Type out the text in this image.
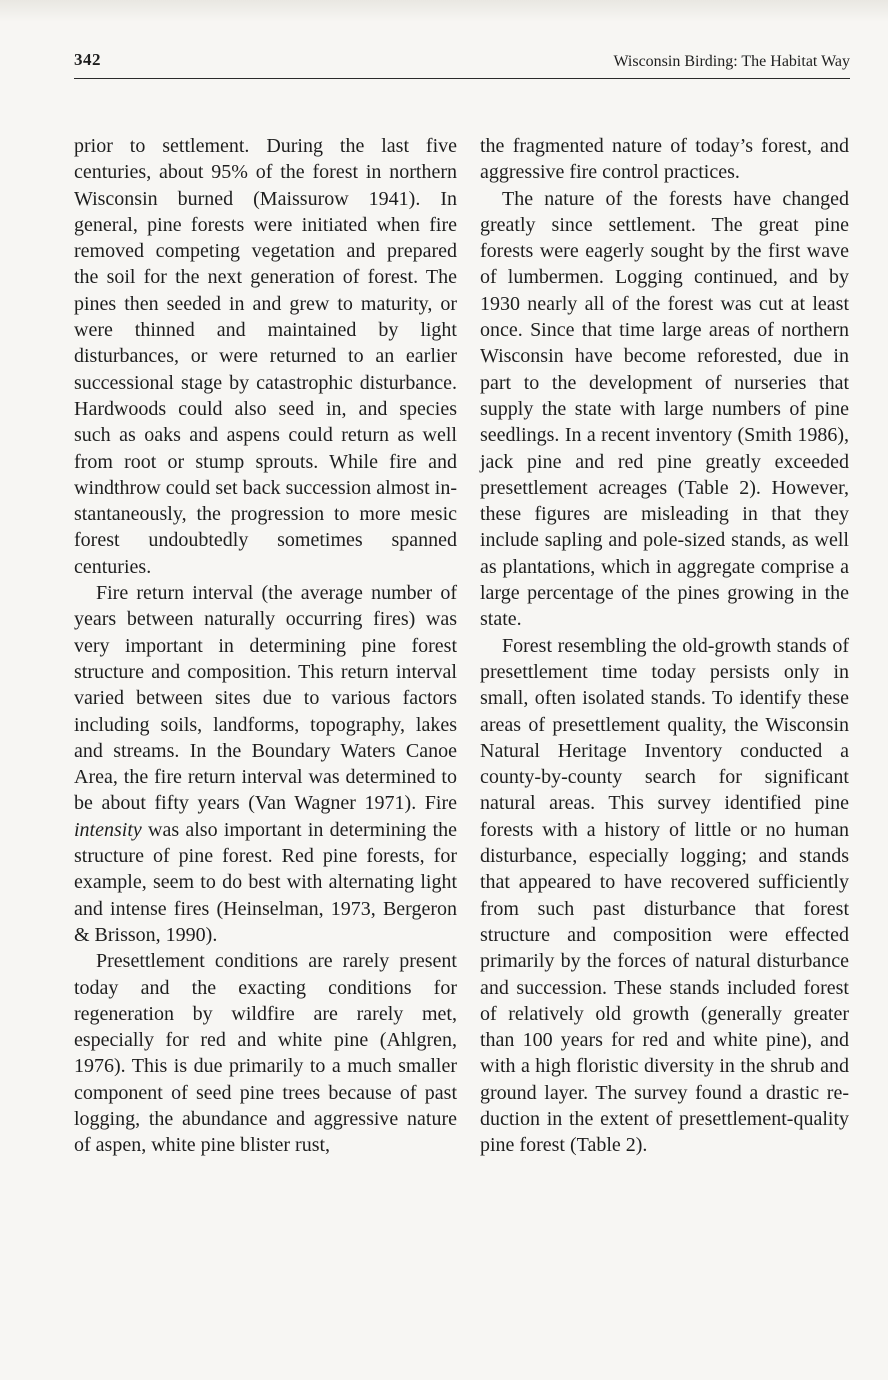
342	Wisconsin Birding: The Habitat Way

prior to settlement. During the last five centuries, about 95% of the forest in northern Wisconsin burned (Maissurow 1941). In general, pine forests were initiated when fire removed competing vegetation and prepared the soil for the next generation of forest. The pines then seeded in and grew to maturity, or were thinned and maintained by light disturbances, or were returned to an earlier successional stage by catastrophic disturbance. Hardwoods could also seed in, and species such as oaks and aspens could return as well from root or stump sprouts. While fire and windthrow could set back succession almost instantaneously, the progression to more mesic forest undoubtedly sometimes spanned centuries.

Fire return interval (the average number of years between naturally occurring fires) was very important in determining pine forest structure and composition. This return interval varied between sites due to various factors including soils, landforms, topography, lakes and streams. In the Boundary Waters Canoe Area, the fire return interval was determined to be about fifty years (Van Wagner 1971). Fire intensity was also important in determining the structure of pine forest. Red pine forests, for example, seem to do best with alternating light and intense fires (Heinselman, 1973, Bergeron & Brisson, 1990).

Presettlement conditions are rarely present today and the exacting conditions for regeneration by wildfire are rarely met, especially for red and white pine (Ahlgren, 1976). This is due primarily to a much smaller component of seed pine trees because of past logging, the abundance and aggressive nature of aspen, white pine blister rust,

the fragmented nature of today’s forest, and aggressive fire control practices.

The nature of the forests have changed greatly since settlement. The great pine forests were eagerly sought by the first wave of lumbermen. Logging continued, and by 1930 nearly all of the forest was cut at least once. Since that time large areas of northern Wisconsin have become reforested, due in part to the development of nurseries that supply the state with large numbers of pine seedlings. In a recent inventory (Smith 1986), jack pine and red pine greatly exceeded presettlement acreages (Table 2). However, these figures are misleading in that they include sapling and pole-sized stands, as well as plantations, which in aggregate comprise a large percentage of the pines growing in the state.

Forest resembling the old-growth stands of presettlement time today persists only in small, often isolated stands. To identify these areas of presettlement quality, the Wisconsin Natural Heritage Inventory conducted a county-by-county search for significant natural areas. This survey identified pine forests with a history of little or no human disturbance, especially logging; and stands that appeared to have recovered sufficiently from such past disturbance that forest structure and composition were effected primarily by the forces of natural disturbance and succession. These stands included forest of relatively old growth (generally greater than 100 years for red and white pine), and with a high floristic diversity in the shrub and ground layer. The survey found a drastic reduction in the extent of presettlement-quality pine forest (Table 2).
